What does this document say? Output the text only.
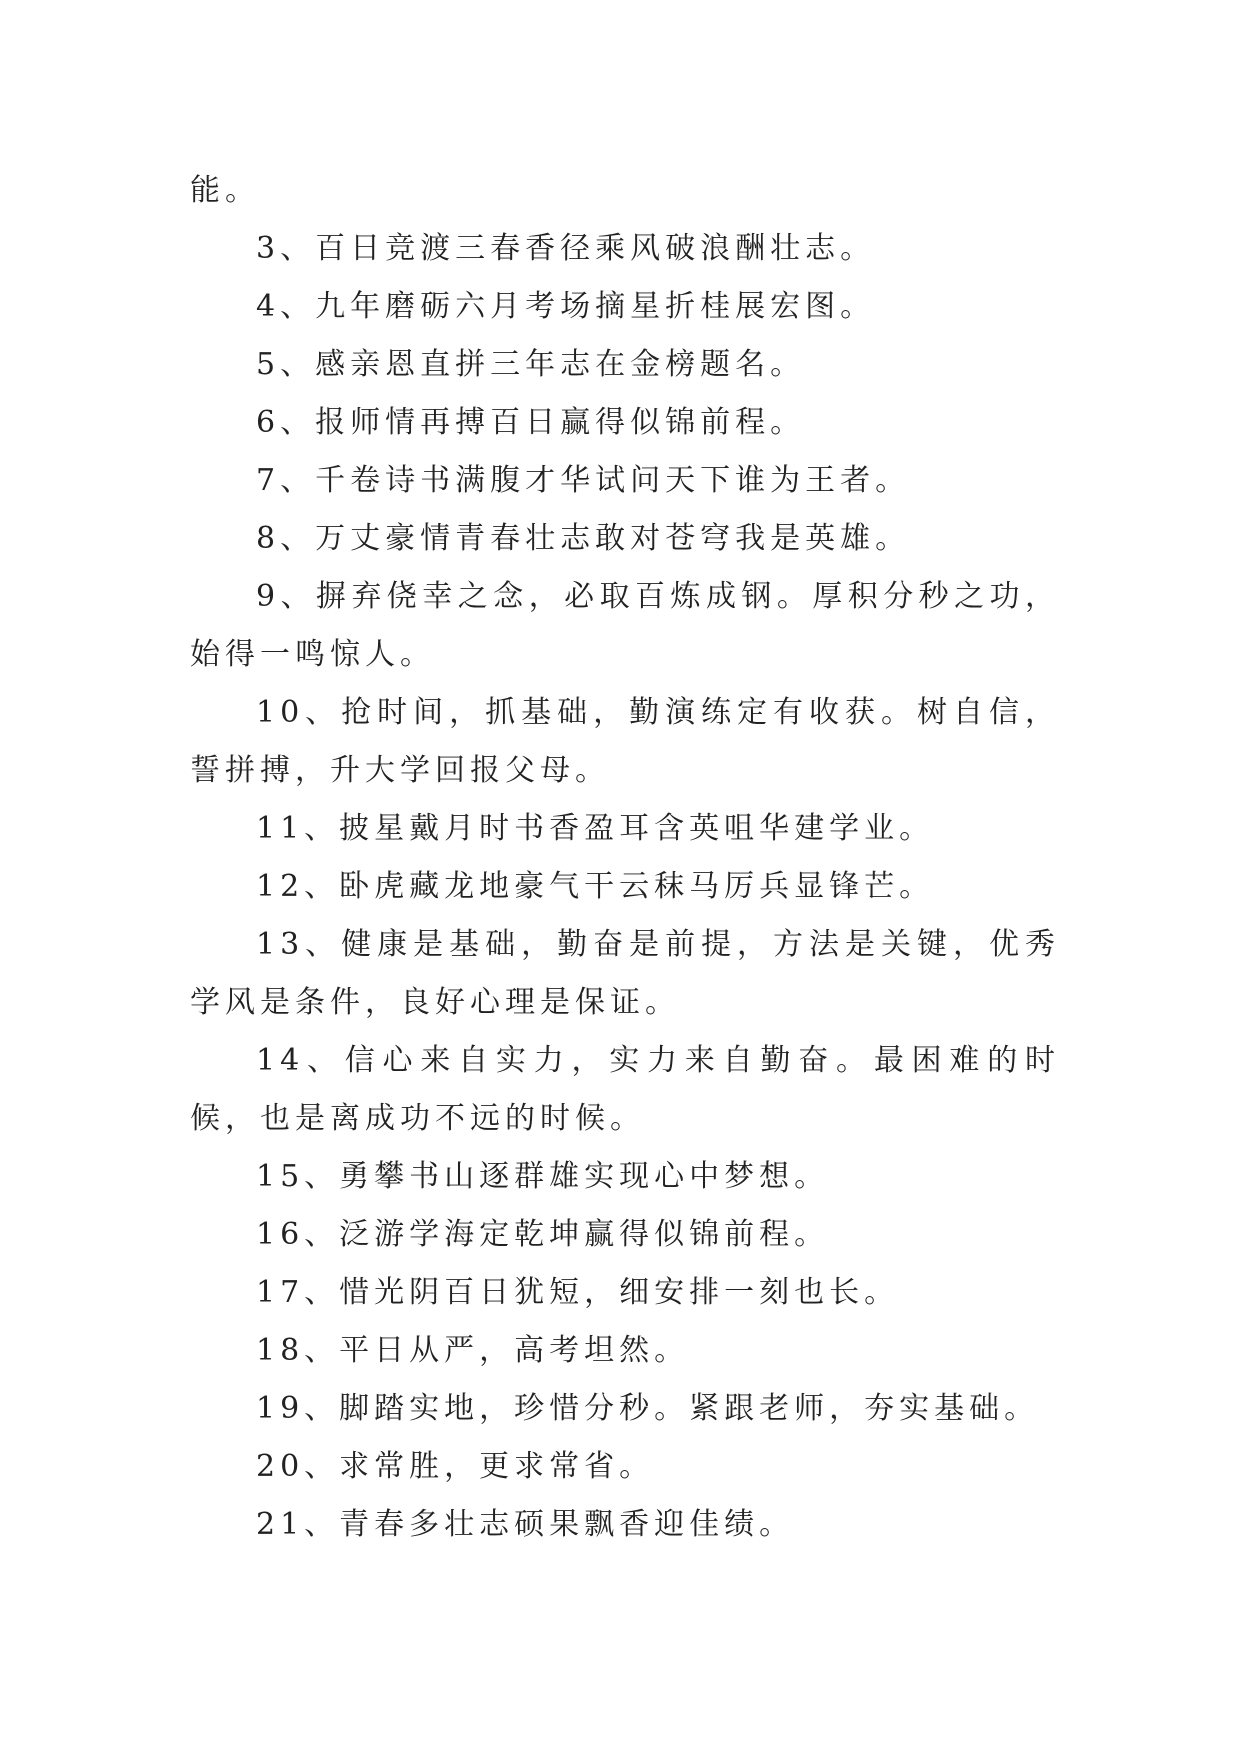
能。

3、百日竞渡三春香径乘风破浪酬壮志。

4、九年磨砺六月考场摘星折桂展宏图。

5、感亲恩直拼三年志在金榜题名。

6、报师情再搏百日赢得似锦前程。

7、千卷诗书满腹才华试问天下谁为王者。

8、万丈豪情青春壮志敢对苍穹我是英雄。

9、摒弃侥幸之念，必取百炼成钢。厚积分秒之功，始得一鸣惊人。

10、抢时间，抓基础，勤演练定有收获。树自信，誓拼搏，升大学回报父母。

11、披星戴月时书香盈耳含英咀华建学业。

12、卧虎藏龙地豪气干云秣马厉兵显锋芒。

13、健康是基础，勤奋是前提，方法是关键，优秀学风是条件，良好心理是保证。

14、信心来自实力，实力来自勤奋。最困难的时候，也是离成功不远的时候。

15、勇攀书山逐群雄实现心中梦想。

16、泛游学海定乾坤赢得似锦前程。

17、惜光阴百日犹短，细安排一刻也长。

18、平日从严，高考坦然。

19、脚踏实地，珍惜分秒。紧跟老师，夯实基础。

20、求常胜，更求常省。

21、青春多壮志硕果飘香迎佳绩。
